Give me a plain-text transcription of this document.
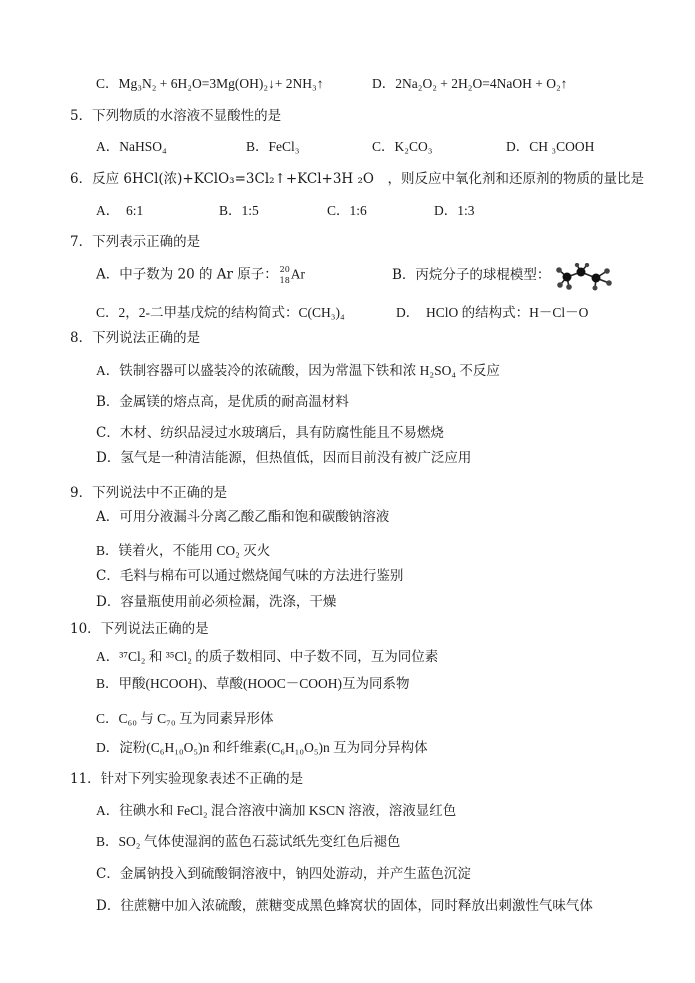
C．Mg₃N₂ + 6H₂O=3Mg(OH)₂↓+ 2NH₃↑	D．2Na₂O₂ + 2H₂O=4NaOH + O₂↑
5．下列物质的水溶液不显酸性的是
A．NaHSO₄	B．FeCl₃	C．K₂CO₃	D．CH ₃COOH
6．反应 6HCl(浓)+KClO₃=3Cl₂↑+KCl+3H ₂O　，则反应中氧化剂和还原剂的物质的量比是
A．　6:1	B．1:5	C．1:6	D．1:3
7．下列表示正确的是
A．中子数为 20 的 Ar 原子： 20
18 Ar	B．丙烷分子的球棍模型：
C．2，2-二甲基戊烷的结构简式：C(CH₃)₄	D．　HClO 的结构式：H－Cl－O
8．下列说法正确的是
A．铁制容器可以盛装冷的浓硫酸，因为常温下铁和浓 H₂SO₄ 不反应
B．金属镁的熔点高，是优质的耐高温材料
C．木材、纺织品浸过水玻璃后，具有防腐性能且不易燃烧
D．氢气是一种清洁能源，但热值低，因而目前没有被广泛应用
9．下列说法中不正确的是
A．可用分液漏斗分离乙酸乙酯和饱和碳酸钠溶液
B．镁着火，不能用 CO₂ 灭火
C．毛料与棉布可以通过燃烧闻气味的方法进行鉴别
D．容量瓶使用前必须检漏，洗涤，干燥
10．下列说法正确的是
A．³⁷Cl₂ 和 ³⁵Cl₂ 的质子数相同、中子数不同，互为同位素
B．甲酸(HCOOH)、草酸(HOOC－COOH)互为同系物
C．C₆₀ 与 C₇₀ 互为同素异形体
D．淀粉(C₆H₁₀O₅)n 和纤维素(C₆H₁₀O₅)n 互为同分异构体
11．针对下列实验现象表述不正确的是
A．往碘水和 FeCl₂ 混合溶液中滴加 KSCN 溶液，溶液显红色
B．SO₂ 气体使湿润的蓝色石蕊试纸先变红色后褪色
C．金属钠投入到硫酸铜溶液中，钠四处游动，并产生蓝色沉淀
D．往蔗糖中加入浓硫酸，蔗糖变成黑色蜂窝状的固体，同时释放出刺激性气味气体
